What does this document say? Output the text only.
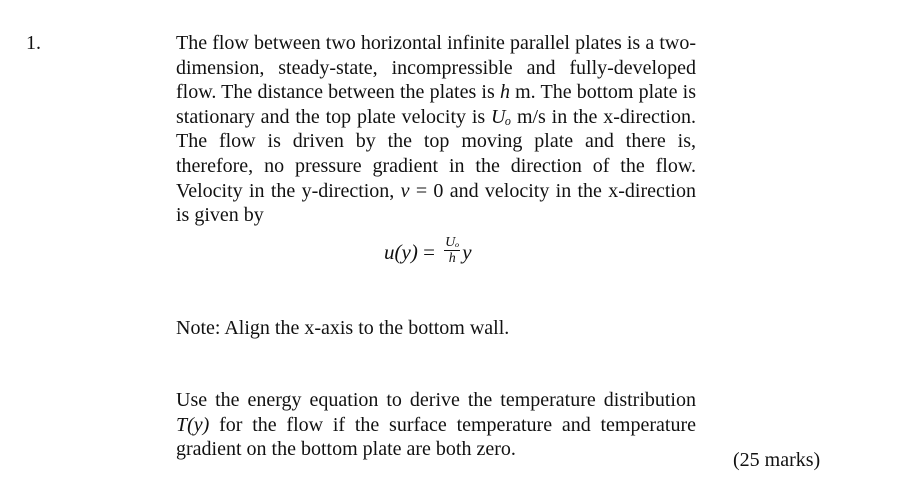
1.	The flow between two horizontal infinite parallel plates is a two-dimension, steady-state, incompressible and fully-developed flow. The distance between the plates is h m. The bottom plate is stationary and the top plate velocity is Uₒ m/s in the x-direction. The flow is driven by the top moving plate and there is, therefore, no pressure gradient in the direction of the flow. Velocity in the y-direction, v = 0 and velocity in the x-direction is given by

$u(y) = \frac{\text{Uₒ}}{h}$ y

Note: Align the x-axis to the bottom wall.

Use the energy equation to derive the temperature distribution T(y) for the flow if the surface temperature and temperature gradient on the bottom plate are both zero.	(25 marks)
